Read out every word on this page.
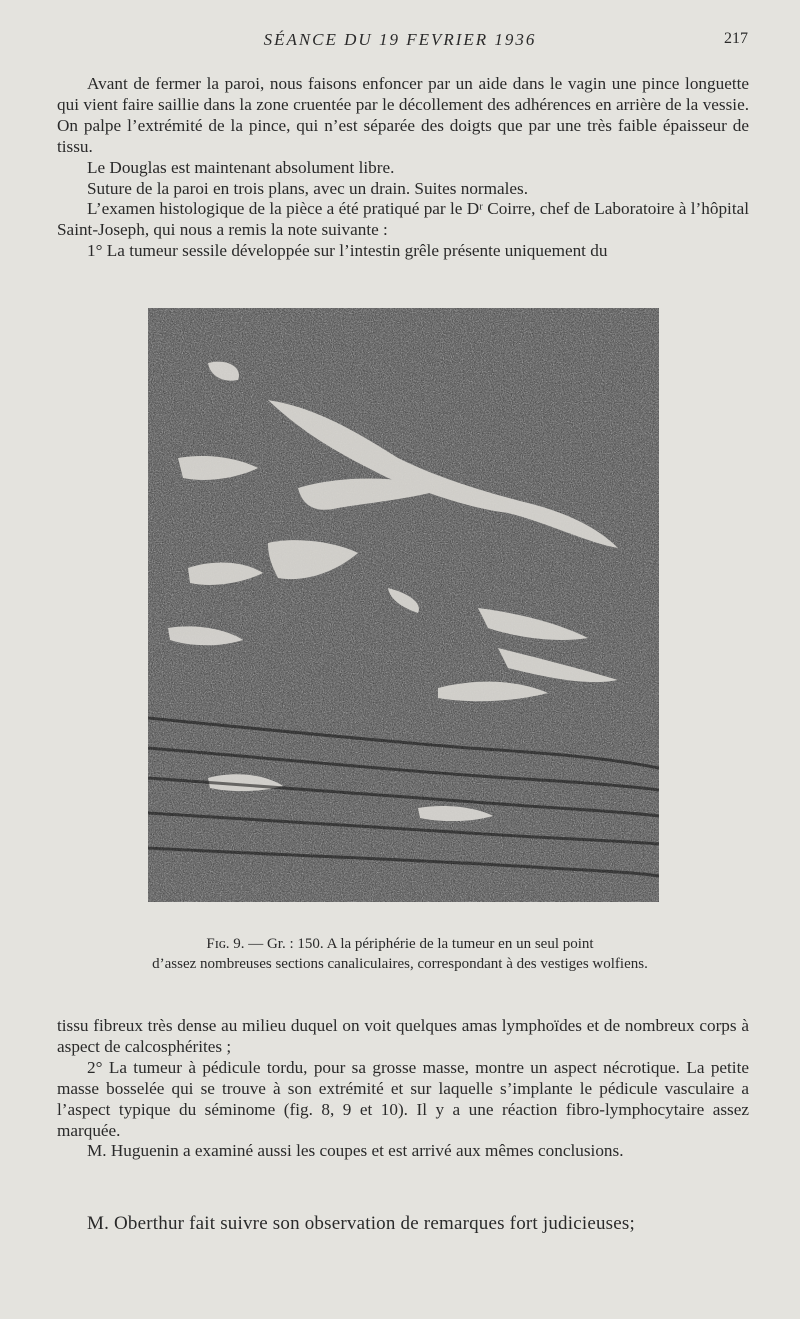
SÉANCE DU 19 FEVRIER 1936	217

Avant de fermer la paroi, nous faisons enfoncer par un aide dans le vagin une pince longuette qui vient faire saillie dans la zone cruentée par le décollement des adhérences en arrière de la vessie. On palpe l’extrémité de la pince, qui n’est séparée des doigts que par une très faible épaisseur de tissu.

Le Douglas est maintenant absolument libre.

Suture de la paroi en trois plans, avec un drain. Suites normales.

L’examen histologique de la pièce a été pratiqué par le Dʳ Coirre, chef de Laboratoire à l’hôpital Saint-Joseph, qui nous a remis la note suivante :

1° La tumeur sessile développée sur l’intestin grêle présente uniquement du

Fɪɢ. 9. — Gr. : 150. A la périphérie de la tumeur en un seul point
d’assez nombreuses sections canaliculaires, correspondant à des vestiges wolfiens.

tissu fibreux très dense au milieu duquel on voit quelques amas lymphoïdes et de nombreux corps à aspect de calcosphérites ;

2° La tumeur à pédicule tordu, pour sa grosse masse, montre un aspect nécrotique. La petite masse bosselée qui se trouve à son extrémité et sur laquelle s’implante le pédicule vasculaire a l’aspect typique du séminome (fig. 8, 9 et 10). Il y a une réaction fibro-lymphocytaire assez marquée.

M. Huguenin a examiné aussi les coupes et est arrivé aux mêmes conclusions.

M. Oberthur fait suivre son observation de remarques fort judicieuses;
